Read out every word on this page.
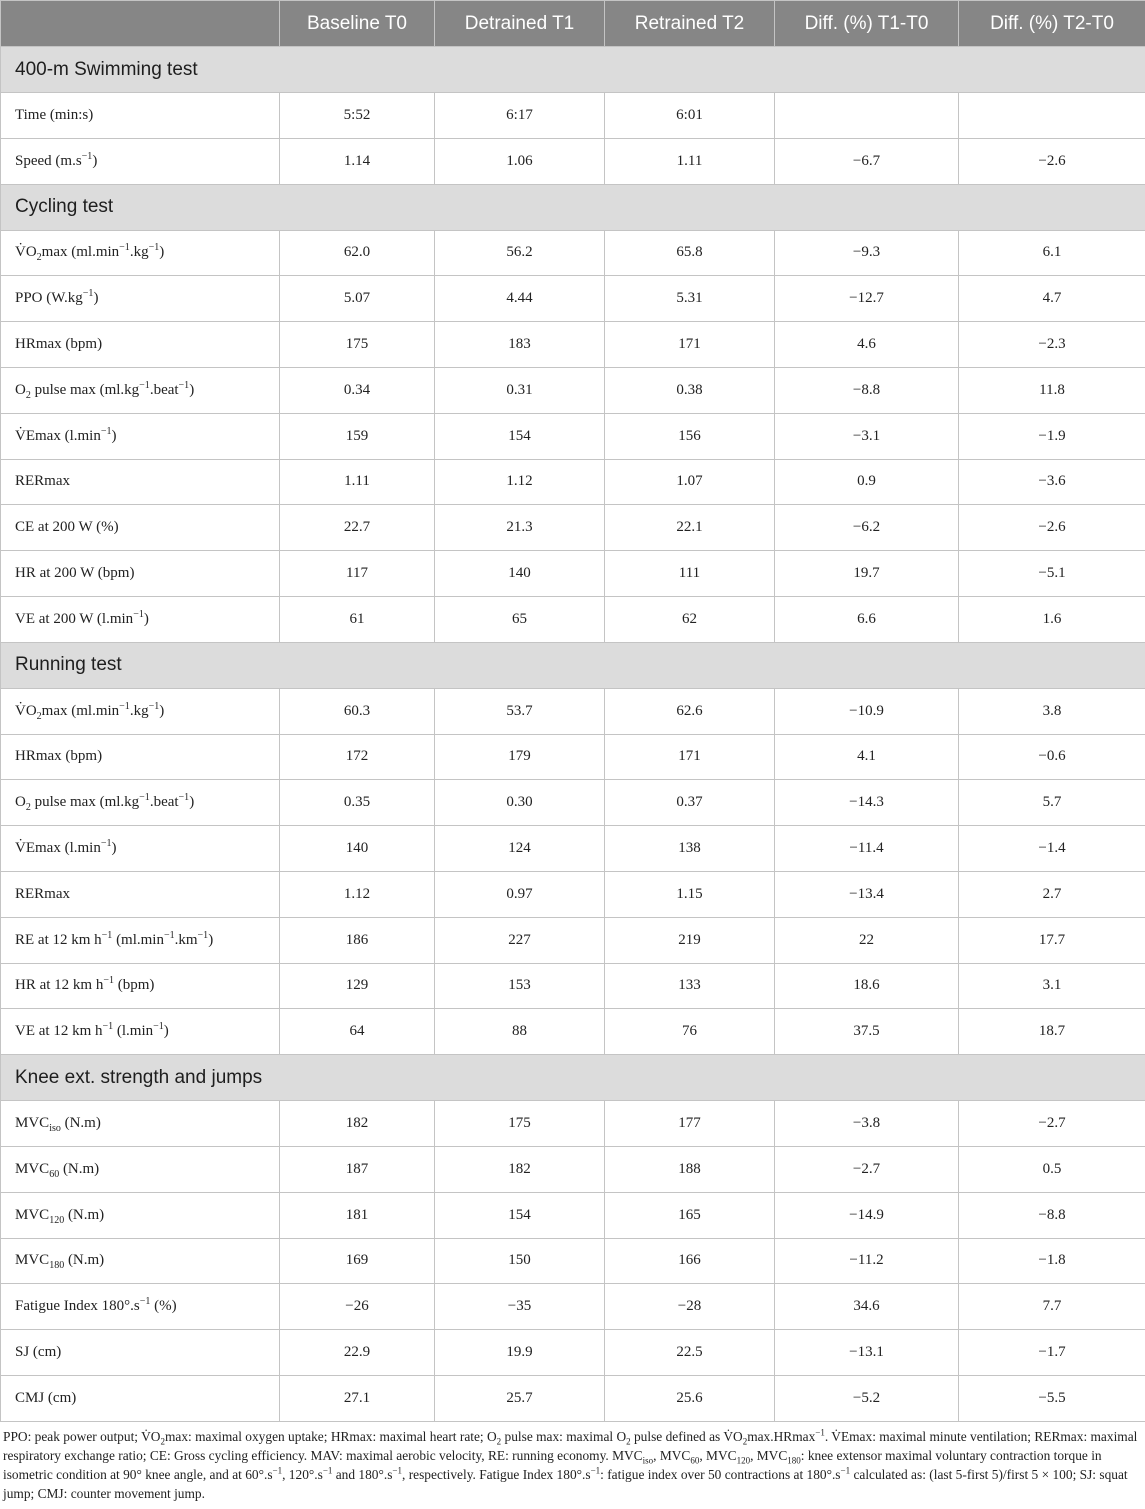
	Baseline T0	Detrained T1	Retrained T2	Diff. (%) T1-T0	Diff. (%) T2-T0
400-m Swimming test					
Time (min:s)	5:52	6:17	6:01		
Speed $(m.s^{-1})$	1.14	1.06	1.11	−6.7	−2.6
Cycling test					
$V̇O_2\max$ $(ml.\min^{-1}.kg^{-1})$	62.0	56.2	65.8	−9.3	6.1
PPO $(W.kg^{-1})$	5.07	4.44	5.31	−12.7	4.7
HRmax (bpm)	175	183	171	4.6	−2.3
$O_2$ pulse $\max (ml.kg^{-1}.beat^{-1})$	0.34	0.31	0.38	−8.8	11.8
V̇Emax $(l.\min^{-1})$	159	154	156	−3.1	−1.9
RERmax	1.11	1.12	1.07	0.9	−3.6
CE at 200 W (%)	22.7	21.3	22.1	−6.2	−2.6
HR at 200 W (bpm)	117	140	111	19.7	−5.1
VE at 200 W $(l.\min^{-1})$	61	65	62	6.6	1.6
Running test					
$V̇O_2\max$ $(ml.\min^{-1}.kg^{-1})$	60.3	53.7	62.6	−10.9	3.8
HRmax (bpm)	172	179	171	4.1	−0.6
$O_2$ pulse $\max (ml.kg^{-1}.beat^{-1})$	0.35	0.30	0.37	−14.3	5.7
V̇Emax $(l.\min^{-1})$	140	124	138	−11.4	−1.4
RERmax	1.12	0.97	1.15	−13.4	2.7
RE at 12 km $h^{-1}$ $(ml.\min^{-1}.km^{-1})$	186	227	219	22	17.7
HR at 12 km $h^{-1}$ (bpm)	129	153	133	18.6	3.1
VE at 12 km $h^{-1}$ $(l.\min^{-1})$	64	88	76	37.5	18.7
Knee ext. strength and jumps					
$MVC_{iso}$ (N.m)	182	175	177	−3.8	−2.7
$MVC_{60}$ (N.m)	187	182	188	−2.7	0.5
$MVC_{120}$ (N.m)	181	154	165	−14.9	−8.8
$MVC_{180}$ (N.m)	169	150	166	−11.2	−1.8
Fatigue Index $180^\circ.s^{-1}$ (%)	−26	−35	−28	34.6	7.7
SJ (cm)	22.9	19.9	22.5	−13.1	−1.7
CMJ (cm)	27.1	25.7	25.6	−5.2	−5.5
PPO: peak power output; $V̇O_2\max$: maximal oxygen uptake; HRmax: maximal heart rate; $O_2$ pulse max: maximal $O_2$ pulse defined as $V̇O_2\max.HRmax^{-1}$. V̇Emax: maximal minute ventilation; RERmax: maximal respiratory exchange ratio; CE: Gross cycling efficiency. MAV: maximal aerobic velocity, RE: running economy. $MVC_{iso}$, $MVC_{60}$, $MVC_{120}$, $MVC_{180}$: knee extensor maximal voluntary contraction torque in isometric condition at 90° knee angle, and at $60^\circ.s^{-1}$, $120^\circ.s^{-1}$ and $180^\circ.s^{-1}$, respectively. Fatigue Index $180^\circ.s^{-1}$: fatigue index over 50 contractions at $180^\circ.s^{-1}$ calculated as: (last 5-first 5)/first 5 × 100; SJ: squat jump; CMJ: counter movement jump.
